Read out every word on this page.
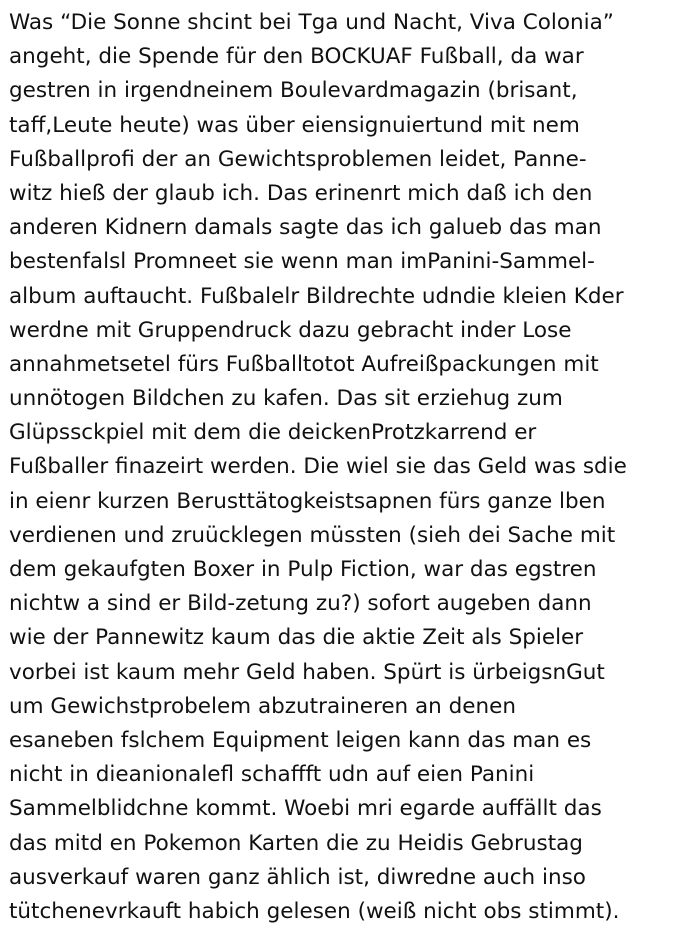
Was “Die Sonne shcint bei Tga und Nacht, Viva Colonia”
angeht, die Spende für den BOCKUAF Fußball, da war
gestren in irgendneinem Boulevardmagazin (brisant,
taff,Leute heute) was über eiensignuiertund mit nem
Fußballprofi der an Gewichtsproblemen leidet, Panne-
witz hieß der glaub ich. Das erinenrt mich daß ich den
anderen Kidnern damals sagte das ich galueb das man
bestenfalsl Promneet sie wenn man imPanini-Sammel-
album auftaucht. Fußbalelr Bildrechte udndie kleien Kder
werdne mit Gruppendruck dazu gebracht inder Lose
annahmetsetel fürs Fußballtotot Aufreißpackungen mit
unnötogen Bildchen zu kafen. Das sit erziehug zum
Glüpssckpiel mit dem die deickenProtzkarrend er
Fußballer finazeirt werden. Die wiel sie das Geld was sdie
in eienr kurzen Berusttätogkeistsapnen fürs ganze lben
verdienen und zruücklegen müssten (sieh dei Sache mit
dem gekaufgten Boxer in Pulp Fiction, war das egstren
nichtw a sind er Bild-zetung zu?) sofort augeben dann
wie der Pannewitz kaum das die aktie Zeit als Spieler
vorbei ist kaum mehr Geld haben. Spürt is ürbeigsnGut
um Gewichstprobelem abzutraineren an denen
esaneben fslchem Equipment leigen kann das man es
nicht in dieanionalefl schaffft udn auf eien Panini
Sammelblidchne kommt. Woebi mri egarde auffällt das
das mitd en Pokemon Karten die zu Heidis Gebrustag
ausverkauf waren ganz ählich ist, diwredne auch inso
tütchenevrkauft habich gelesen (weiß nicht obs stimmt).
